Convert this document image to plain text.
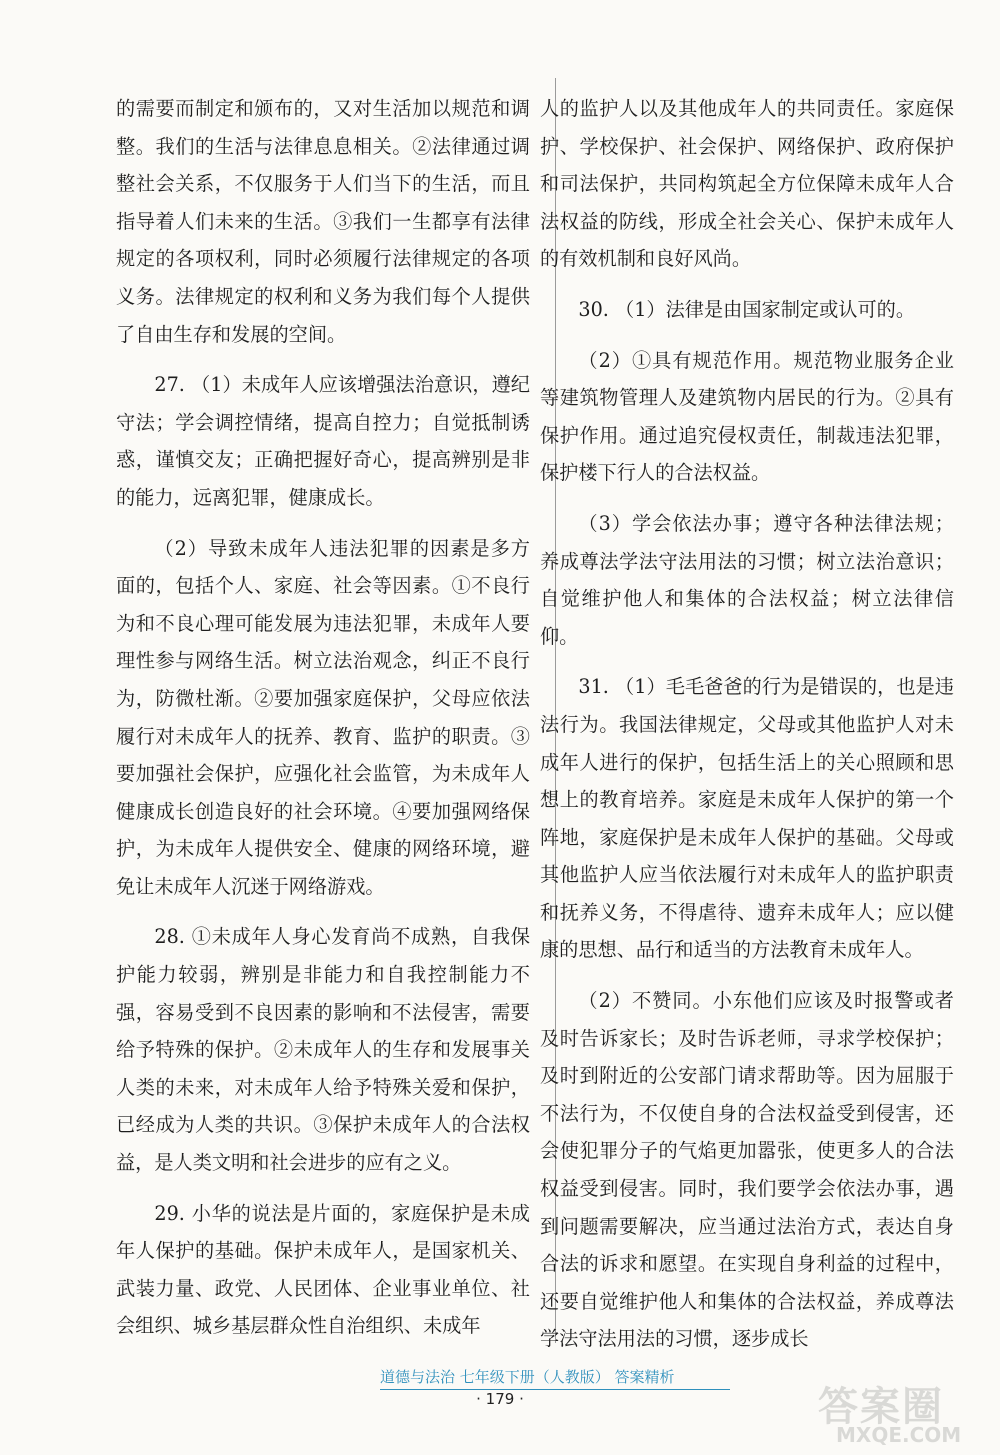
的需要而制定和颁布的，又对生活加以规范和调整。我们的生活与法律息息相关。②法律通过调整社会关系，不仅服务于人们当下的生活，而且指导着人们未来的生活。③我们一生都享有法律规定的各项权利，同时必须履行法律规定的各项义务。法律规定的权利和义务为我们每个人提供了自由生存和发展的空间。

27. （1）未成年人应该增强法治意识，遵纪守法；学会调控情绪，提高自控力；自觉抵制诱惑，谨慎交友；正确把握好奇心，提高辨别是非的能力，远离犯罪，健康成长。

（2）导致未成年人违法犯罪的因素是多方面的，包括个人、家庭、社会等因素。①不良行为和不良心理可能发展为违法犯罪，未成年人要理性参与网络生活。树立法治观念，纠正不良行为，防微杜渐。②要加强家庭保护，父母应依法履行对未成年人的抚养、教育、监护的职责。③要加强社会保护，应强化社会监管，为未成年人健康成长创造良好的社会环境。④要加强网络保护，为未成年人提供安全、健康的网络环境，避免让未成年人沉迷于网络游戏。

28. ①未成年人身心发育尚不成熟，自我保护能力较弱，辨别是非能力和自我控制能力不强，容易受到不良因素的影响和不法侵害，需要给予特殊的保护。②未成年人的生存和发展事关人类的未来，对未成年人给予特殊关爱和保护，已经成为人类的共识。③保护未成年人的合法权益，是人类文明和社会进步的应有之义。

29. 小华的说法是片面的，家庭保护是未成年人保护的基础。保护未成年人，是国家机关、武装力量、政党、人民团体、企业事业单位、社会组织、城乡基层群众性自治组织、未成年

人的监护人以及其他成年人的共同责任。家庭保护、学校保护、社会保护、网络保护、政府保护和司法保护，共同构筑起全方位保障未成年人合法权益的防线，形成全社会关心、保护未成年人的有效机制和良好风尚。

30. （1）法律是由国家制定或认可的。

（2）①具有规范作用。规范物业服务企业等建筑物管理人及建筑物内居民的行为。②具有保护作用。通过追究侵权责任，制裁违法犯罪，保护楼下行人的合法权益。

（3）学会依法办事；遵守各种法律法规；养成尊法学法守法用法的习惯；树立法治意识；自觉维护他人和集体的合法权益；树立法律信仰。

31. （1）毛毛爸爸的行为是错误的，也是违法行为。我国法律规定，父母或其他监护人对未成年人进行的保护，包括生活上的关心照顾和思想上的教育培养。家庭是未成年人保护的第一个阵地，家庭保护是未成年人保护的基础。父母或其他监护人应当依法履行对未成年人的监护职责和抚养义务，不得虐待、遗弃未成年人；应以健康的思想、品行和适当的方法教育未成年人。

（2）不赞同。小东他们应该及时报警或者及时告诉家长；及时告诉老师，寻求学校保护；及时到附近的公安部门请求帮助等。因为屈服于不法行为，不仅使自身的合法权益受到侵害，还会使犯罪分子的气焰更加嚣张，使更多人的合法权益受到侵害。同时，我们要学会依法办事，遇到问题需要解决，应当通过法治方式，表达自身合法的诉求和愿望。在实现自身利益的过程中，还要自觉维护他人和集体的合法权益，养成尊法学法守法用法的习惯，逐步成长

道德与法治 七年级下册（人教版） 答案精析
· 179 ·	答案圈
MXQE.COM
